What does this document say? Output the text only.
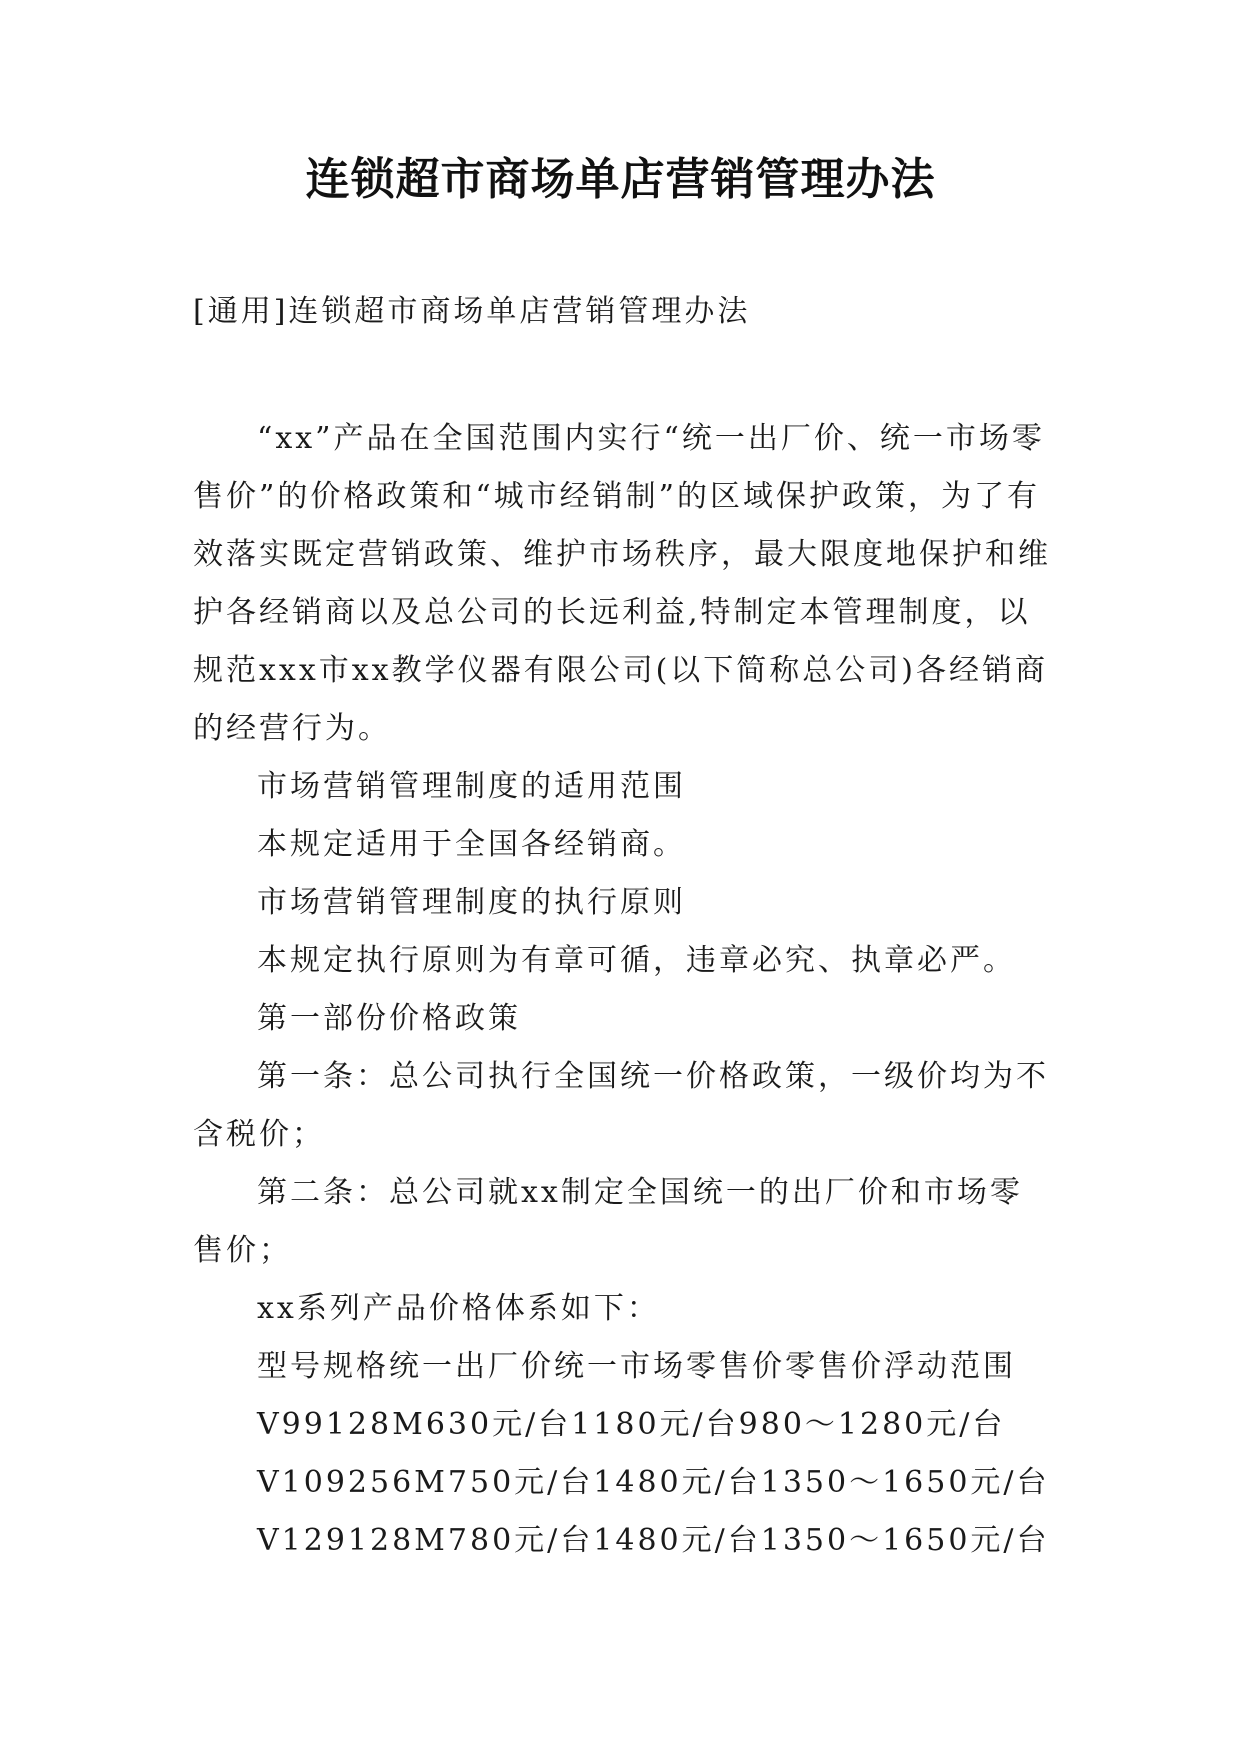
连锁超市商场单店营销管理办法
[通用]连锁超市商场单店营销管理办法

“xx”产品在全国范围内实行“统一出厂价、统一市场零售价”的价格政策和“城市经销制”的区域保护政策，为了有效落实既定营销政策、维护市场秩序，最大限度地保护和维护各经销商以及总公司的长远利益,特制定本管理制度，以规范xxx市xx教学仪器有限公司(以下简称总公司)各经销商的经营行为。

市场营销管理制度的适用范围

本规定适用于全国各经销商。

市场营销管理制度的执行原则

本规定执行原则为有章可循，违章必究、执章必严。

第一部份价格政策

第一条：总公司执行全国统一价格政策，一级价均为不含税价；

第二条：总公司就xx制定全国统一的出厂价和市场零售价；

xx系列产品价格体系如下：

型号规格统一出厂价统一市场零售价零售价浮动范围

V99128M630元/台1180元/台980～1280元/台

V109256M750元/台1480元/台1350～1650元/台

V129128M780元/台1480元/台1350～1650元/台
